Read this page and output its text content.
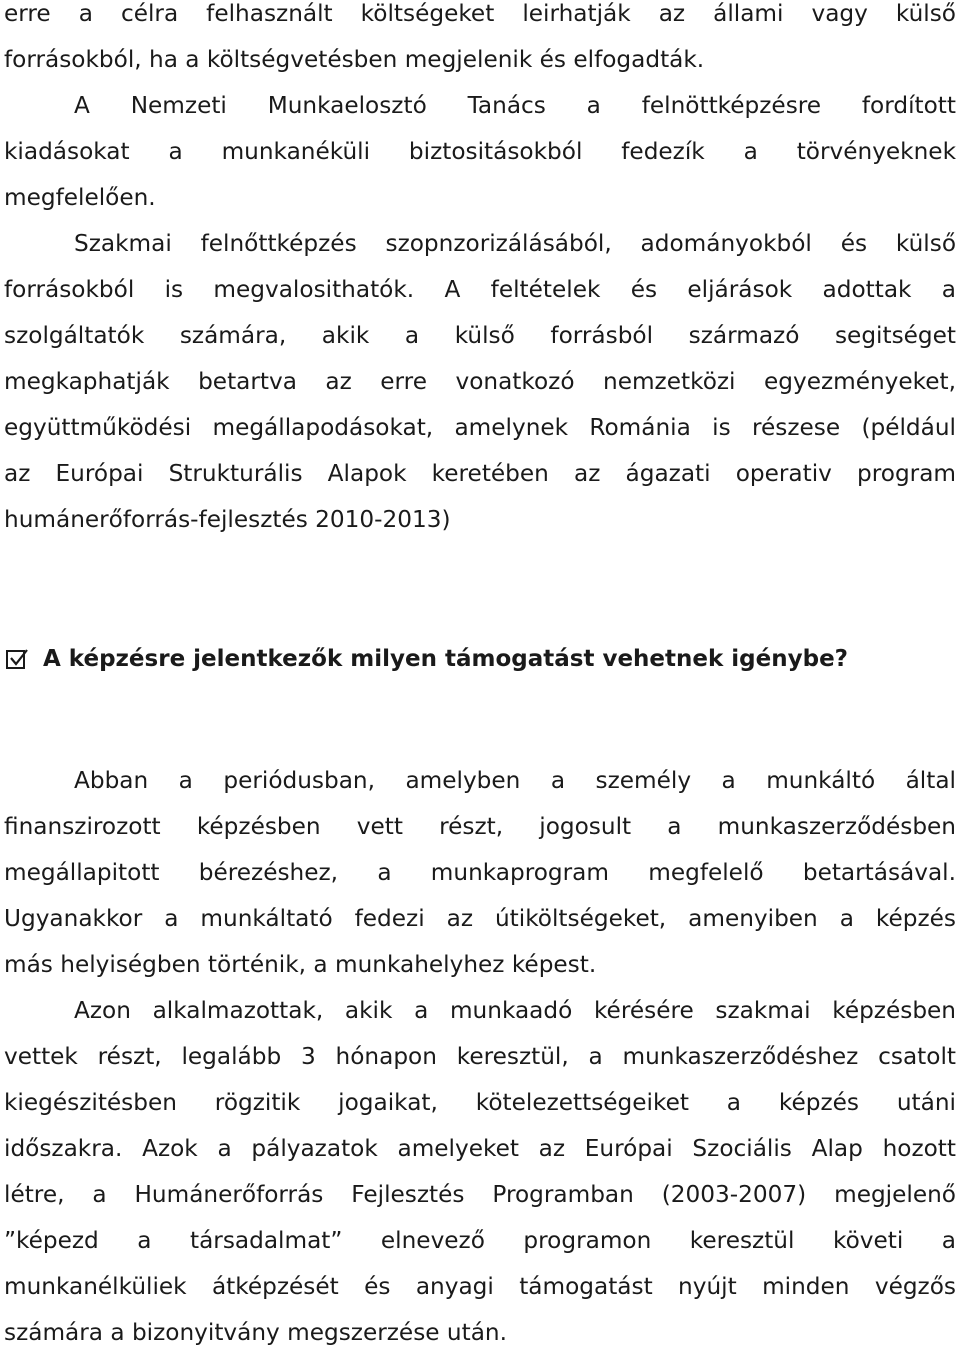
erre a célra felhasznált költségeket leirhatják az állami vagy külső
forrásokból, ha a költségvetésben megjelenik és elfogadták.
A Nemzeti Munkaelosztó Tanács a felnöttképzésre fordított
kiadásokat a munkanéküli biztositásokból fedezík a törvényeknek
megfelelően.
Szakmai felnőttképzés szopnzorizálásából, adományokból és külső
forrásokból is megvalosithatók. A feltételek és eljárások adottak a
szolgáltatók számára, akik a külső forrásból származó segitséget
megkaphatják betartva az erre vonatkozó nemzetközi egyezményeket,
együttműködési megállapodásokat, amelynek Románia is részese (például
az Európai Strukturális Alapok keretében az ágazati operativ program
humánerőforrás-fejlesztés 2010-2013)
A képzésre jelentkezők milyen támogatást vehetnek igénybe?
Abban a periódusban, amelyben a személy a munkáltó által
finanszirozott képzésben vett részt, jogosult a munkaszerződésben
megállapitott bérezéshez, a munkaprogram megfelelő betartásával.
Ugyanakkor a munkáltató fedezi az útiköltségeket, amenyiben a képzés
más helyiségben történik, a munkahelyhez képest.
Azon alkalmazottak, akik a munkaadó kérésére szakmai képzésben
vettek részt, legalább 3 hónapon keresztül, a munkaszerződéshez csatolt
kiegészitésben rögzitik jogaikat, kötelezettségeiket a képzés utáni
időszakra. Azok a pályazatok amelyeket az Európai Szociális Alap hozott
létre, a Humánerőforrás Fejlesztés Programban (2003-2007) megjelenő
”képezd a társadalmat” elnevező programon keresztül követi a
munkanélküliek átképzését és anyagi támogatást nyújt minden végzős
számára a bizonyitvány megszerzése után.
